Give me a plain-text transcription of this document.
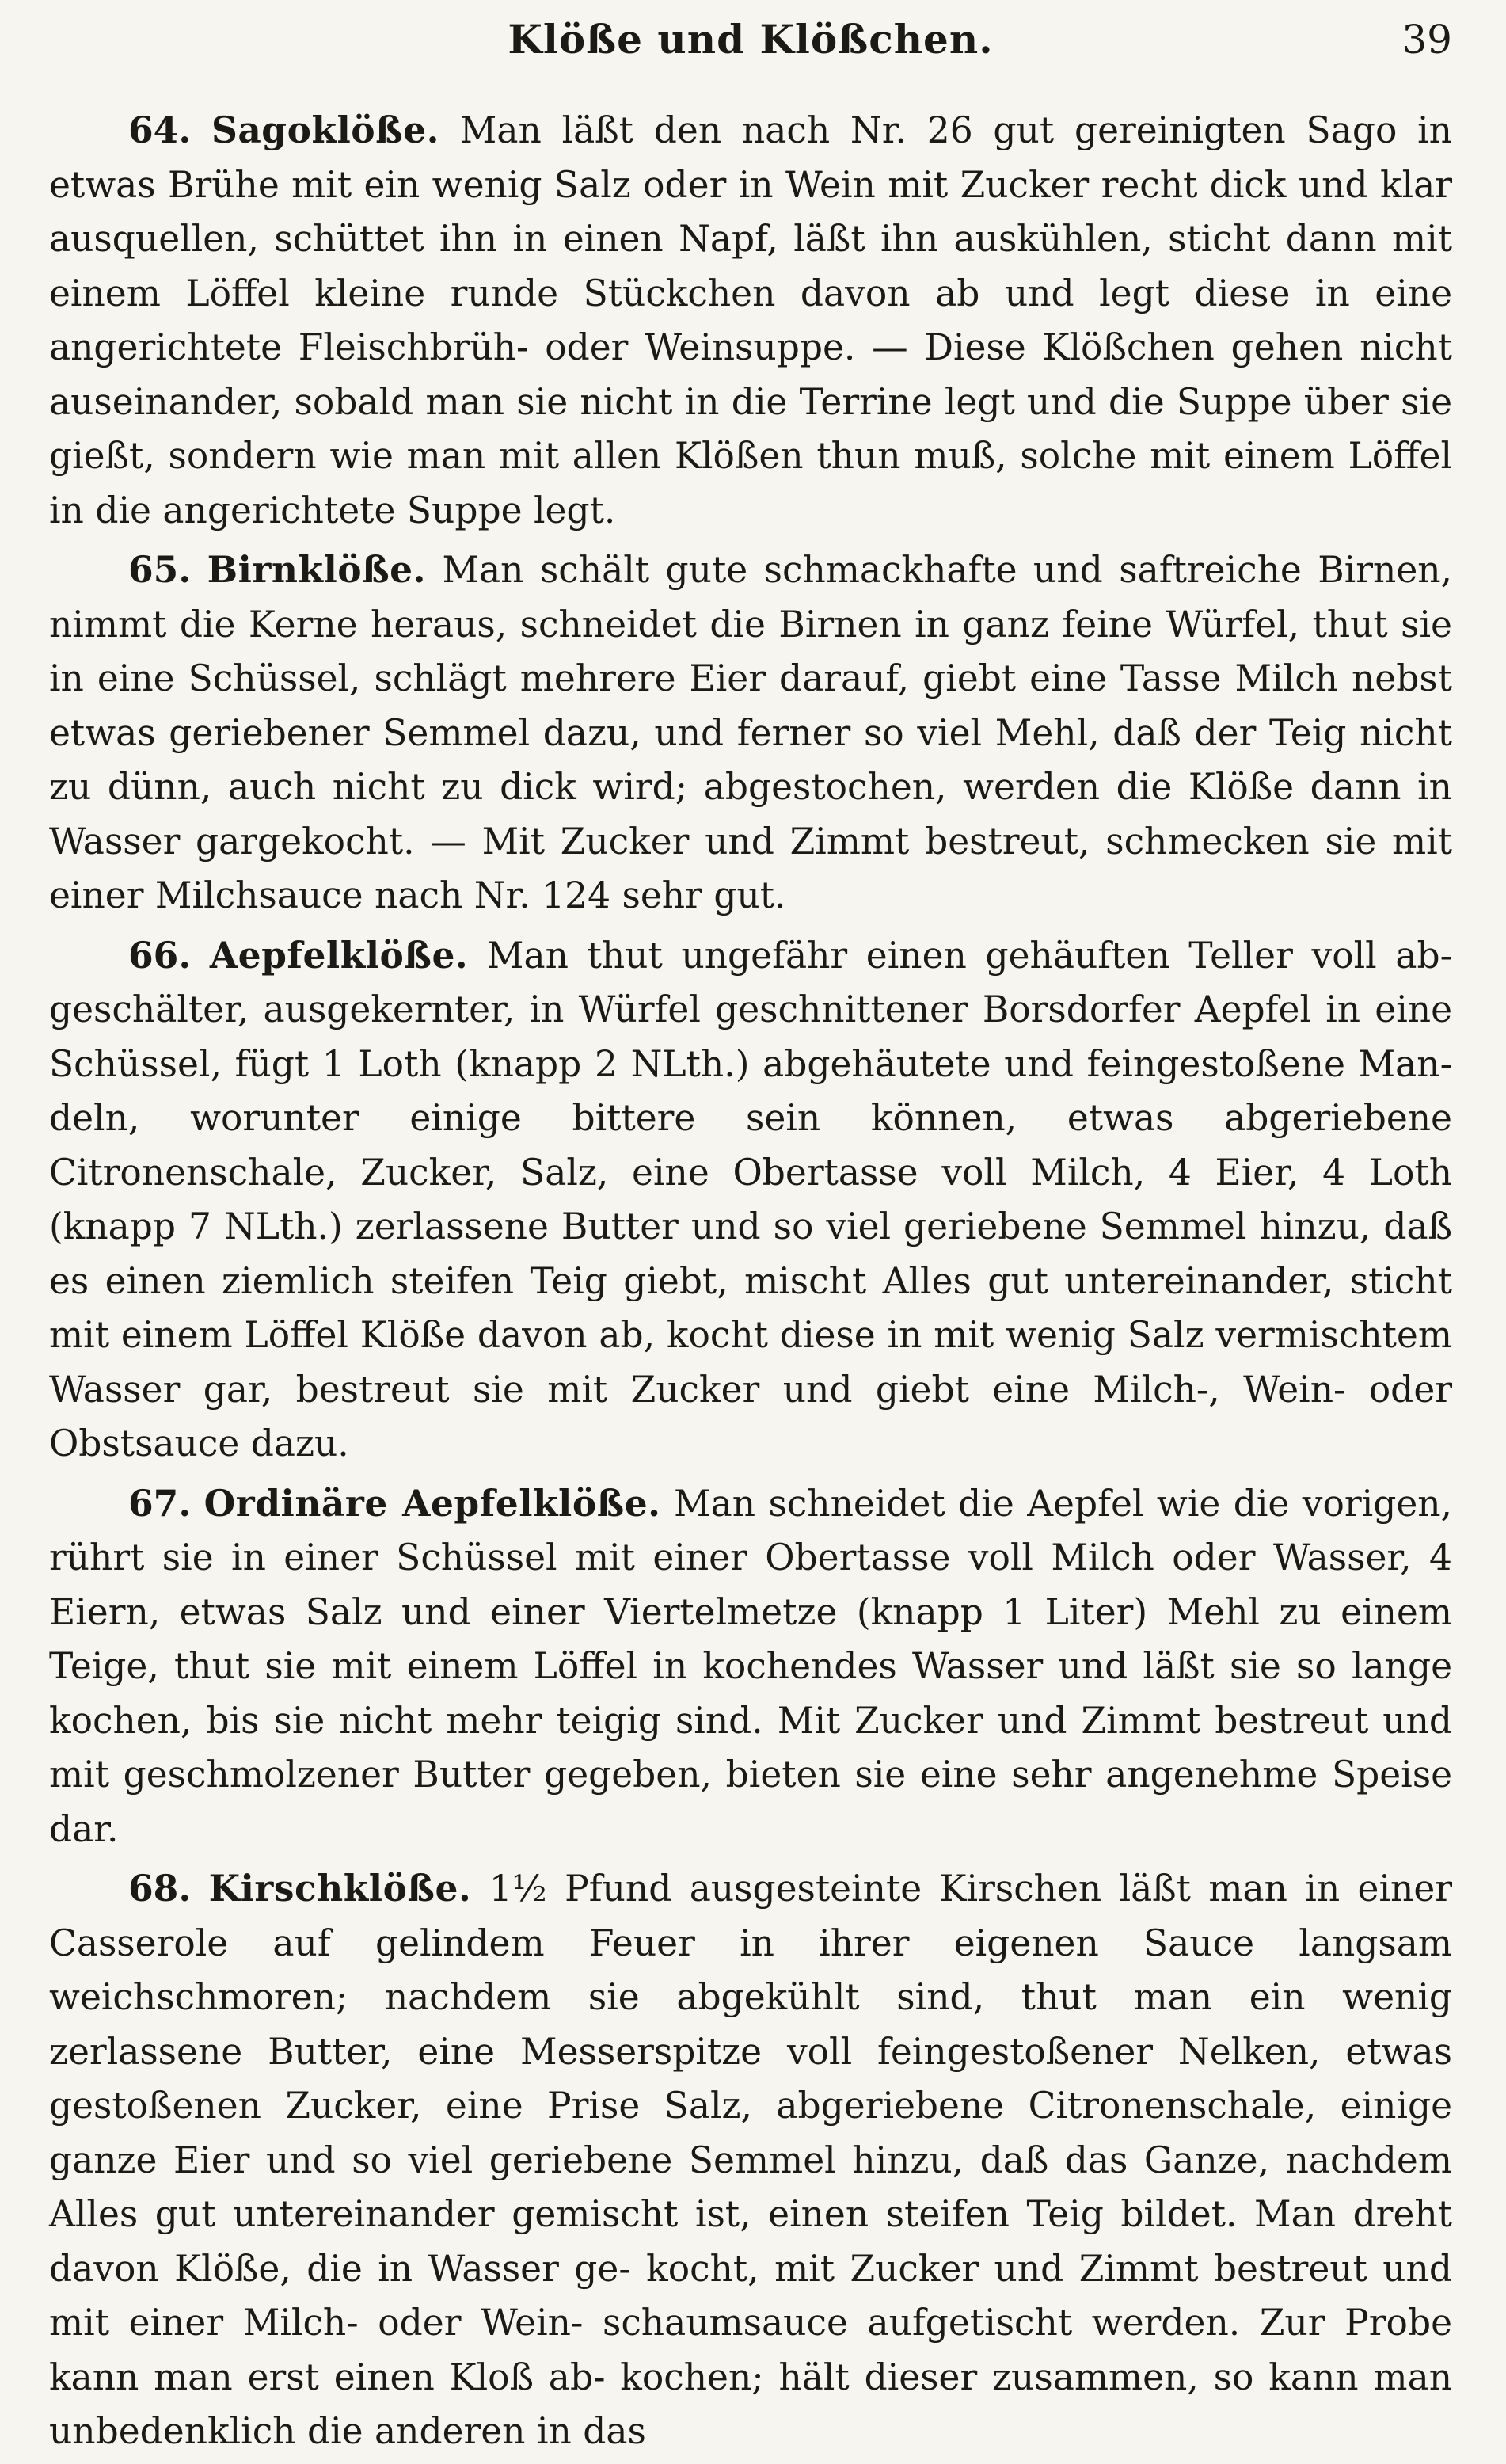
Klöße und Klößchen.	39

64. Sagoklöße. Man läßt den nach Nr. 26 gut gereinigten Sago in etwas Brühe mit ein wenig Salz oder in Wein mit Zucker recht dick und klar ausquellen, schüttet ihn in einen Napf, läßt ihn auskühlen, sticht dann mit einem Löffel kleine runde Stückchen davon ab und legt diese in eine angerichtete Fleischbrüh- oder Weinsuppe. — Diese Klößchen gehen nicht auseinander, sobald man sie nicht in die Terrine legt und die Suppe über sie gießt, sondern wie man mit allen Klößen thun muß, solche mit einem Löffel in die angerichtete Suppe legt.

65. Birnklöße. Man schält gute schmackhafte und saftreiche Birnen, nimmt die Kerne heraus, schneidet die Birnen in ganz feine Würfel, thut sie in eine Schüssel, schlägt mehrere Eier darauf, giebt eine Tasse Milch nebst etwas geriebener Semmel dazu, und ferner so viel Mehl, daß der Teig nicht zu dünn, auch nicht zu dick wird; abgestochen, werden die Klöße dann in Wasser gargekocht. — Mit Zucker und Zimmt bestreut, schmecken sie mit einer Milchsauce nach Nr. 124 sehr gut.

66. Aepfelklöße. Man thut ungefähr einen gehäuften Teller voll ab- geschälter, ausgekernter, in Würfel geschnittener Borsdorfer Aepfel in eine Schüssel, fügt 1 Loth (knapp 2 NLth.) abgehäutete und feingestoßene Man- deln, worunter einige bittere sein können, etwas abgeriebene Citronenschale, Zucker, Salz, eine Obertasse voll Milch, 4 Eier, 4 Loth (knapp 7 NLth.) zerlassene Butter und so viel geriebene Semmel hinzu, daß es einen ziemlich steifen Teig giebt, mischt Alles gut untereinander, sticht mit einem Löffel Klöße davon ab, kocht diese in mit wenig Salz vermischtem Wasser gar, bestreut sie mit Zucker und giebt eine Milch-, Wein- oder Obstsauce dazu.

67. Ordinäre Aepfelklöße. Man schneidet die Aepfel wie die vorigen, rührt sie in einer Schüssel mit einer Obertasse voll Milch oder Wasser, 4 Eiern, etwas Salz und einer Viertelmetze (knapp 1 Liter) Mehl zu einem Teige, thut sie mit einem Löffel in kochendes Wasser und läßt sie so lange kochen, bis sie nicht mehr teigig sind. Mit Zucker und Zimmt bestreut und mit geschmolzener Butter gegeben, bieten sie eine sehr angenehme Speise dar.

68. Kirschklöße. 1½ Pfund ausgesteinte Kirschen läßt man in einer Casserole auf gelindem Feuer in ihrer eigenen Sauce langsam weichschmoren; nachdem sie abgekühlt sind, thut man ein wenig zerlassene Butter, eine Messerspitze voll feingestoßener Nelken, etwas gestoßenen Zucker, eine Prise Salz, abgeriebene Citronenschale, einige ganze Eier und so viel geriebene Semmel hinzu, daß das Ganze, nachdem Alles gut untereinander gemischt ist, einen steifen Teig bildet. Man dreht davon Klöße, die in Wasser ge- kocht, mit Zucker und Zimmt bestreut und mit einer Milch- oder Wein- schaumsauce aufgetischt werden. Zur Probe kann man erst einen Kloß ab- kochen; hält dieser zusammen, so kann man unbedenklich die anderen in das
